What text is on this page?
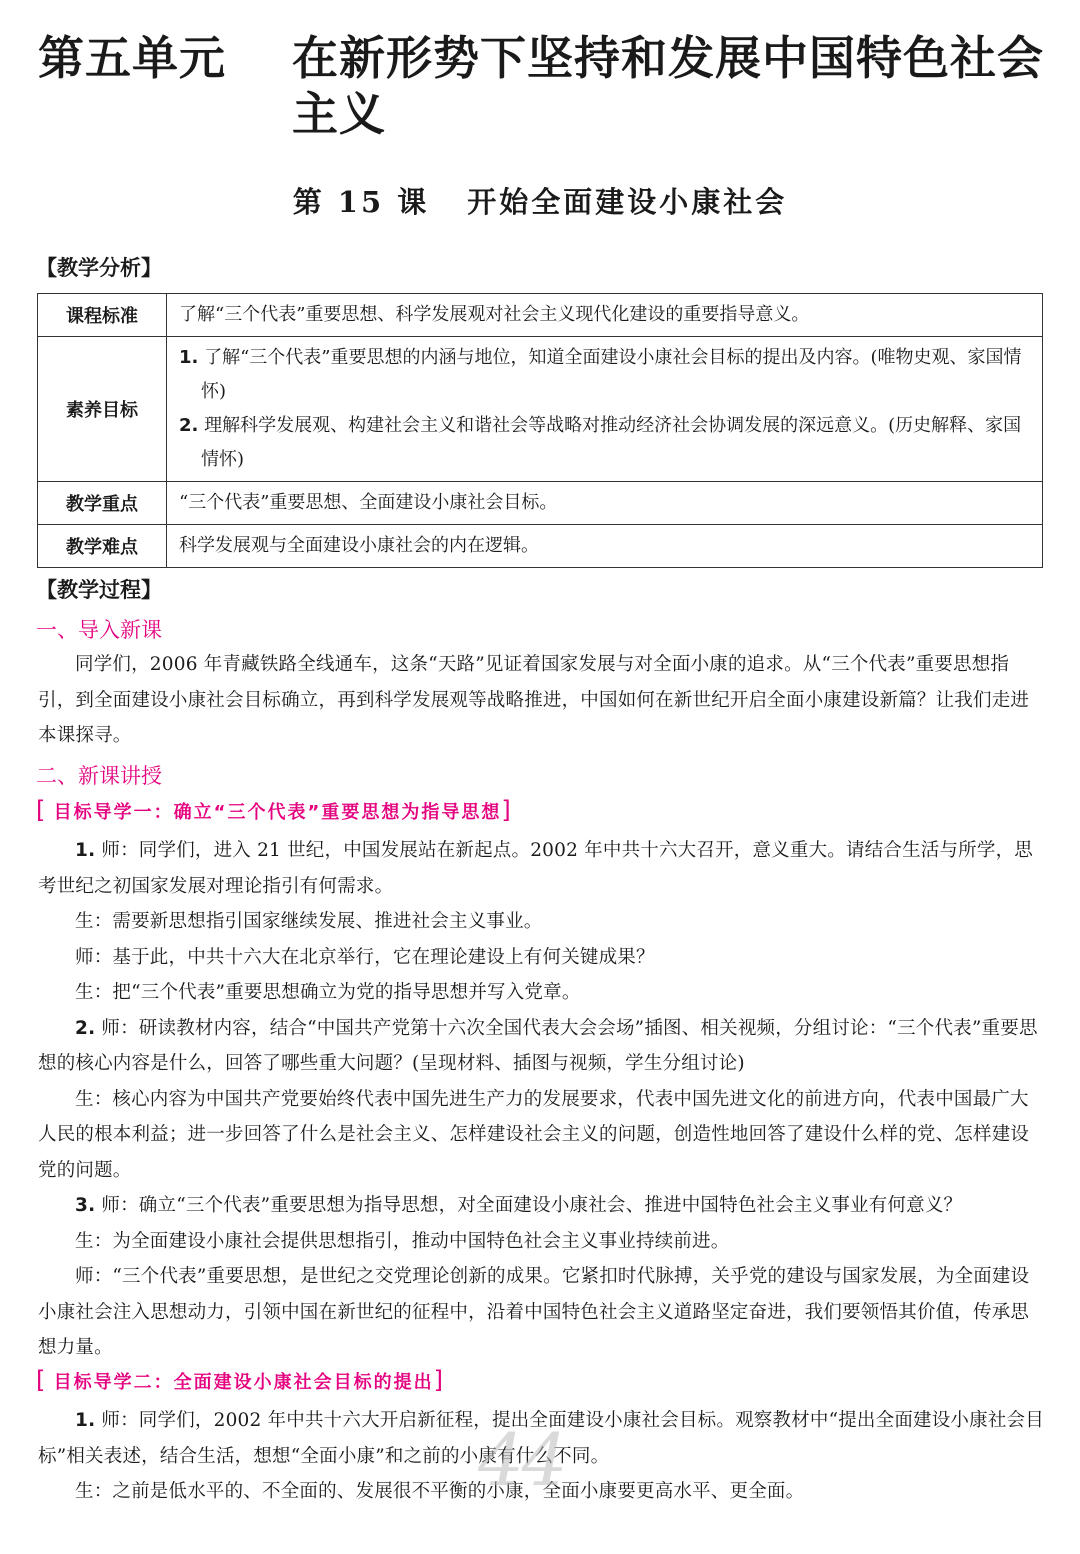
第五单元 在新形势下坚持和发展中国特色社会主义
第 15 课 开始全面建设小康社会
【教学分析】
课程标准	了解“三个代表”重要思想、科学发展观对社会主义现代化建设的重要指导意义。
素养目标	1. 了解“三个代表”重要思想的内涵与地位，知道全面建设小康社会目标的提出及内容。(唯物史观、家国情怀)
2. 理解科学发展观、构建社会主义和谐社会等战略对推动经济社会协调发展的深远意义。(历史解释、家国情怀)

教学重点	“三个代表”重要思想、全面建设小康社会目标。
教学难点	科学发展观与全面建设小康社会的内在逻辑。
【教学过程】
一、导入新课

同学们，2006 年青藏铁路全线通车，这条“天路”见证着国家发展与对全面小康的追求。从“三个代表”重要思想指引，到全面建设小康社会目标确立，再到科学发展观等战略推进，中国如何在新世纪开启全面小康建设新篇？让我们走进本课探寻。

二、新课讲授
[ 目标导学一：确立“三个代表”重要思想为指导思想]

1. 师：同学们，进入 21 世纪，中国发展站在新起点。2002 年中共十六大召开，意义重大。请结合生活与所学，思考世纪之初国家发展对理论指引有何需求。

生：需要新思想指引国家继续发展、推进社会主义事业。

师：基于此，中共十六大在北京举行，它在理论建设上有何关键成果？

生：把“三个代表”重要思想确立为党的指导思想并写入党章。

2. 师：研读教材内容，结合“中国共产党第十六次全国代表大会会场”插图、相关视频，分组讨论：“三个代表”重要思想的核心内容是什么，回答了哪些重大问题？(呈现材料、插图与视频，学生分组讨论)

生：核心内容为中国共产党要始终代表中国先进生产力的发展要求，代表中国先进文化的前进方向，代表中国最广大人民的根本利益；进一步回答了什么是社会主义、怎样建设社会主义的问题，创造性地回答了建设什么样的党、怎样建设党的问题。

3. 师：确立“三个代表”重要思想为指导思想，对全面建设小康社会、推进中国特色社会主义事业有何意义？

生：为全面建设小康社会提供思想指引，推动中国特色社会主义事业持续前进。

师：“三个代表”重要思想，是世纪之交党理论创新的成果。它紧扣时代脉搏，关乎党的建设与国家发展，为全面建设小康社会注入思想动力，引领中国在新世纪的征程中，沿着中国特色社会主义道路坚定奋进，我们要领悟其价值，传承思想力量。

[ 目标导学二：全面建设小康社会目标的提出]

1. 师：同学们，2002 年中共十六大开启新征程，提出全面建设小康社会目标。观察教材中“提出全面建设小康社会目标”相关表述，结合生活，想想“全面小康”和之前的小康有什么不同。

生：之前是低水平的、不全面的、发展很不平衡的小康，全面小康要更高水平、更全面。

44
